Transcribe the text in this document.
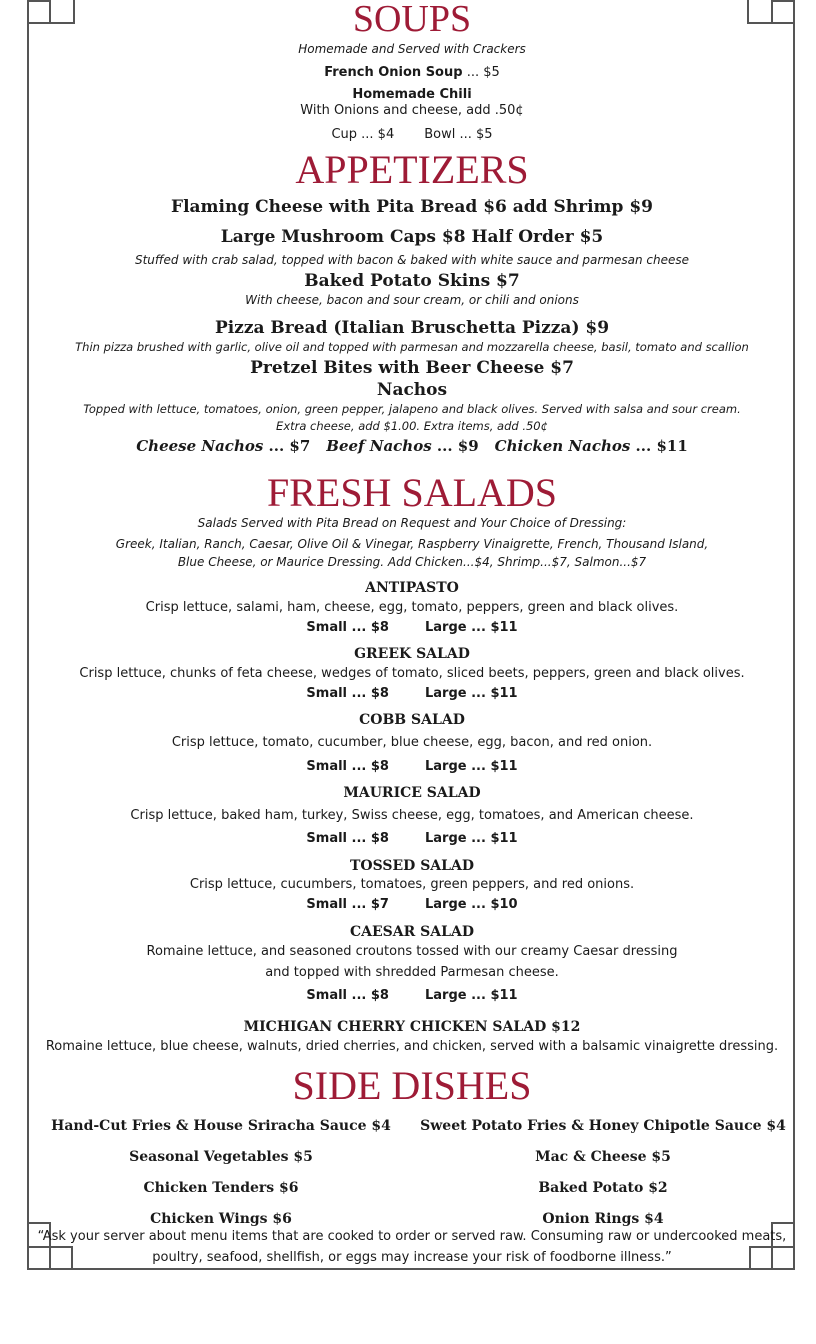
SOUPS
Homemade and Served with Crackers
French Onion Soup ... $5
Homemade Chili
With Onions and cheese, add .50¢
Cup ... $4 Bowl ... $5
APPETIZERS
Flaming Cheese with Pita Bread $6 add Shrimp $9
Large Mushroom Caps $8 Half Order $5
Stuffed with crab salad, topped with bacon & baked with white sauce and parmesan cheese
Baked Potato Skins $7
With cheese, bacon and sour cream, or chili and onions
Pizza Bread (Italian Bruschetta Pizza) $9
Thin pizza brushed with garlic, olive oil and topped with parmesan and mozzarella cheese, basil, tomato and scallion
Pretzel Bites with Beer Cheese $7
Nachos
Topped with lettuce, tomatoes, onion, green pepper, jalapeno and black olives. Served with salsa and sour cream.
Extra cheese, add $1.00. Extra items, add .50¢
Cheese Nachos ... $7 Beef Nachos ... $9 Chicken Nachos ... $11
FRESH SALADS
Salads Served with Pita Bread on Request and Your Choice of Dressing:
Greek, Italian, Ranch, Caesar, Olive Oil & Vinegar, Raspberry Vinaigrette, French, Thousand Island,
Blue Cheese, or Maurice Dressing. Add Chicken...$4, Shrimp...$7, Salmon...$7
ANTIPASTO
Crisp lettuce, salami, ham, cheese, egg, tomato, peppers, green and black olives.
Small ... $8	Large ... $11
GREEK SALAD
Crisp lettuce, chunks of feta cheese, wedges of tomato, sliced beets, peppers, green and black olives.
Small ... $8	Large ... $11
COBB SALAD
Crisp lettuce, tomato, cucumber, blue cheese, egg, bacon, and red onion.
Small ... $8	Large ... $11
MAURICE SALAD
Crisp lettuce, baked ham, turkey, Swiss cheese, egg, tomatoes, and American cheese.
Small ... $8	Large ... $11
TOSSED SALAD
Crisp lettuce, cucumbers, tomatoes, green peppers, and red onions.
Small ... $7	Large ... $10
CAESAR SALAD
Romaine lettuce, and seasoned croutons tossed with our creamy Caesar dressing
and topped with shredded Parmesan cheese.
Small ... $8	Large ... $11
MICHIGAN CHERRY CHICKEN SALAD $12
Romaine lettuce, blue cheese, walnuts, dried cherries, and chicken, served with a balsamic vinaigrette dressing.
SIDE DISHES
Hand-Cut Fries & House Sriracha Sauce $4
Seasonal Vegetables $5
Chicken Tenders $6
Chicken Wings $6
Sweet Potato Fries & Honey Chipotle Sauce $4
Mac & Cheese $5
Baked Potato $2
Onion Rings $4
“Ask your server about menu items that are cooked to order or served raw. Consuming raw or undercooked meats,
poultry, seafood, shellfish, or eggs may increase your risk of foodborne illness.”
